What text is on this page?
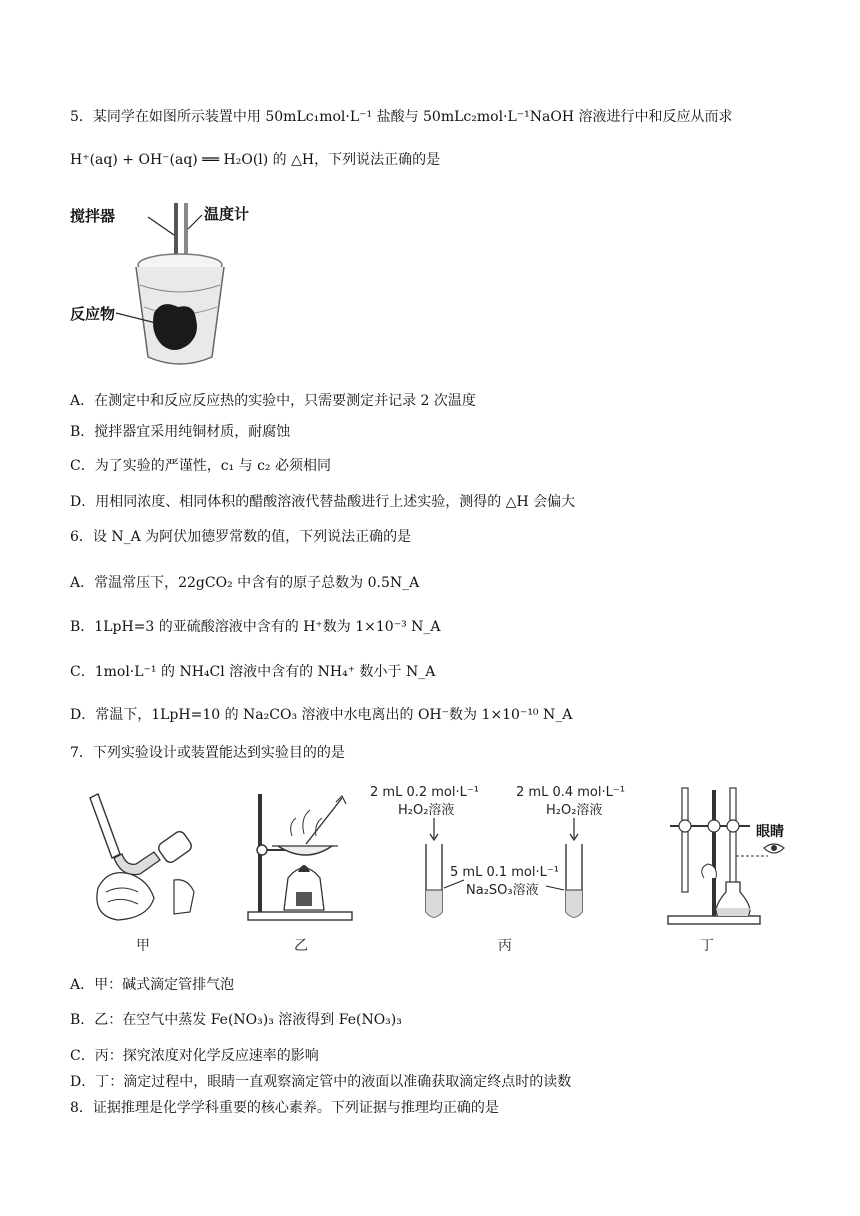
5．某同学在如图所示装置中用 50mLc₁mol·L⁻¹ 盐酸与 50mLc₂mol·L⁻¹NaOH 溶液进行中和反应从而求
H⁺(aq) + OH⁻(aq) ══ H₂O(l) 的 △H，下列说法正确的是
搅拌器	温度计
反应物
A．在测定中和反应反应热的实验中，只需要测定并记录 2 次温度
B．搅拌器宜采用纯铜材质，耐腐蚀
C．为了实验的严谨性，c₁ 与 c₂ 必须相同
D．用相同浓度、相同体积的醋酸溶液代替盐酸进行上述实验，测得的 △H 会偏大
6．设 N_A 为阿伏加德罗常数的值，下列说法正确的是
A．常温常压下，22gCO₂ 中含有的原子总数为 0.5N_A
B．1LpH=3 的亚硫酸溶液中含有的 H⁺数为 1×10⁻³ N_A
C．1mol·L⁻¹ 的 NH₄Cl 溶液中含有的 NH₄⁺ 数小于 N_A
D．常温下，1LpH=10 的 Na₂CO₃ 溶液中水电离出的 OH⁻数为 1×10⁻¹⁰ N_A
7．下列实验设计或装置能达到实验目的的是
甲	乙
2 mL 0.2 mol·L⁻¹
H₂O₂溶液
2 mL 0.4 mol·L⁻¹
H₂O₂溶液
5 mL 0.1 mol·L⁻¹
Na₂SO₃溶液
丙
眼睛
丁
A．甲：碱式滴定管排气泡
B．乙：在空气中蒸发 Fe(NO₃)₃ 溶液得到 Fe(NO₃)₃
C．丙：探究浓度对化学反应速率的影响
D．丁：滴定过程中，眼睛一直观察滴定管中的液面以准确获取滴定终点时的读数
8．证据推理是化学学科重要的核心素养。下列证据与推理均正确的是
